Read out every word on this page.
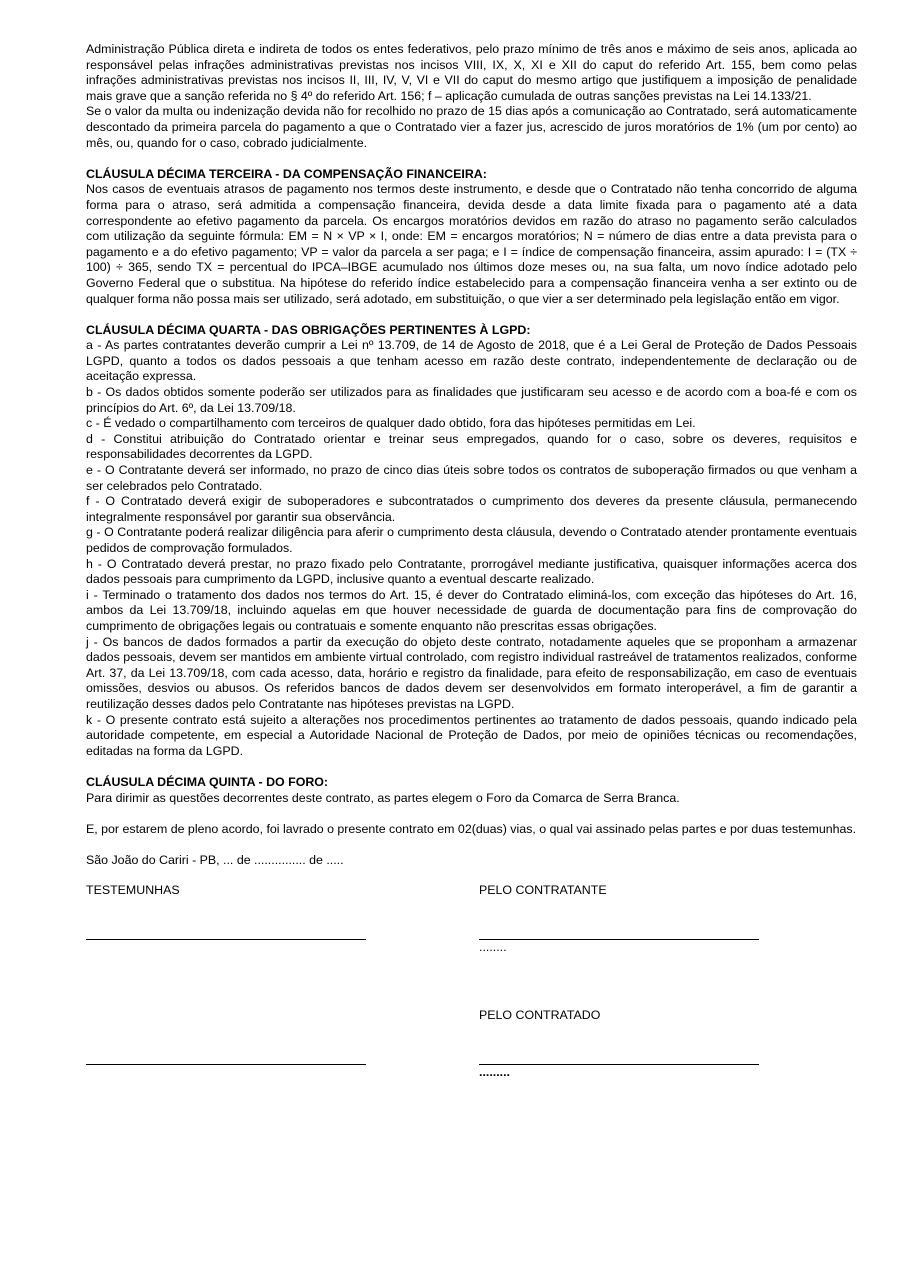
Administração Pública direta e indireta de todos os entes federativos, pelo prazo mínimo de três anos e máximo de seis anos, aplicada ao responsável pelas infrações administrativas previstas nos incisos VIII, IX, X, XI e XII do caput do referido Art. 155, bem como pelas infrações administrativas previstas nos incisos II, III, IV, V, VI e VII do caput do mesmo artigo que justifiquem a imposição de penalidade mais grave que a sanção referida no § 4º do referido Art. 156; f – aplicação cumulada de outras sanções previstas na Lei 14.133/21.

Se o valor da multa ou indenização devida não for recolhido no prazo de 15 dias após a comunicação ao Contratado, será automaticamente descontado da primeira parcela do pagamento a que o Contratado vier a fazer jus, acrescido de juros moratórios de 1% (um por cento) ao mês, ou, quando for o caso, cobrado judicialmente.

CLÁUSULA DÉCIMA TERCEIRA - DA COMPENSAÇÃO FINANCEIRA:

Nos casos de eventuais atrasos de pagamento nos termos deste instrumento, e desde que o Contratado não tenha concorrido de alguma forma para o atraso, será admitida a compensação financeira, devida desde a data limite fixada para o pagamento até a data correspondente ao efetivo pagamento da parcela. Os encargos moratórios devidos em razão do atraso no pagamento serão calculados com utilização da seguinte fórmula: EM = N × VP × I, onde: EM = encargos moratórios; N = número de dias entre a data prevista para o pagamento e a do efetivo pagamento; VP = valor da parcela a ser paga; e I = índice de compensação financeira, assim apurado: I = (TX ÷ 100) ÷ 365, sendo TX = percentual do IPCA–IBGE acumulado nos últimos doze meses ou, na sua falta, um novo índice adotado pelo Governo Federal que o substitua. Na hipótese do referido índice estabelecido para a compensação financeira venha a ser extinto ou de qualquer forma não possa mais ser utilizado, será adotado, em substituição, o que vier a ser determinado pela legislação então em vigor.

CLÁUSULA DÉCIMA QUARTA - DAS OBRIGAÇÕES PERTINENTES À LGPD:

a - As partes contratantes deverão cumprir a Lei nº 13.709, de 14 de Agosto de 2018, que é a Lei Geral de Proteção de Dados Pessoais LGPD, quanto a todos os dados pessoais a que tenham acesso em razão deste contrato, independentemente de declaração ou de aceitação expressa.

b - Os dados obtidos somente poderão ser utilizados para as finalidades que justificaram seu acesso e de acordo com a boa-fé e com os princípios do Art. 6º, da Lei 13.709/18.

c - É vedado o compartilhamento com terceiros de qualquer dado obtido, fora das hipóteses permitidas em Lei.

d - Constitui atribuição do Contratado orientar e treinar seus empregados, quando for o caso, sobre os deveres, requisitos e responsabilidades decorrentes da LGPD.

e - O Contratante deverá ser informado, no prazo de cinco dias úteis sobre todos os contratos de suboperação firmados ou que venham a ser celebrados pelo Contratado.

f - O Contratado deverá exigir de suboperadores e subcontratados o cumprimento dos deveres da presente cláusula, permanecendo integralmente responsável por garantir sua observância.

g - O Contratante poderá realizar diligência para aferir o cumprimento desta cláusula, devendo o Contratado atender prontamente eventuais pedidos de comprovação formulados.

h - O Contratado deverá prestar, no prazo fixado pelo Contratante, prorrogável mediante justificativa, quaisquer informações acerca dos dados pessoais para cumprimento da LGPD, inclusive quanto a eventual descarte realizado.

i - Terminado o tratamento dos dados nos termos do Art. 15, é dever do Contratado eliminá-los, com exceção das hipóteses do Art. 16, ambos da Lei 13.709/18, incluindo aquelas em que houver necessidade de guarda de documentação para fins de comprovação do cumprimento de obrigações legais ou contratuais e somente enquanto não prescritas essas obrigações.

j - Os bancos de dados formados a partir da execução do objeto deste contrato, notadamente aqueles que se proponham a armazenar dados pessoais, devem ser mantidos em ambiente virtual controlado, com registro individual rastreável de tratamentos realizados, conforme Art. 37, da Lei 13.709/18, com cada acesso, data, horário e registro da finalidade, para efeito de responsabilização, em caso de eventuais omissões, desvios ou abusos. Os referidos bancos de dados devem ser desenvolvidos em formato interoperável, a fim de garantir a reutilização desses dados pelo Contratante nas hipóteses previstas na LGPD.

k - O presente contrato está sujeito a alterações nos procedimentos pertinentes ao tratamento de dados pessoais, quando indicado pela autoridade competente, em especial a Autoridade Nacional de Proteção de Dados, por meio de opiniões técnicas ou recomendações, editadas na forma da LGPD.

CLÁUSULA DÉCIMA QUINTA - DO FORO:

Para dirimir as questões decorrentes deste contrato, as partes elegem o Foro da Comarca de Serra Branca.

E, por estarem de pleno acordo, foi lavrado o presente contrato em 02(duas) vias, o qual vai assinado pelas partes e por duas testemunhas.

São João do Cariri - PB, ... de ............... de .....

TESTEMUNHAS	PELO CONTRATANTE
........
PELO CONTRATADO
.........
